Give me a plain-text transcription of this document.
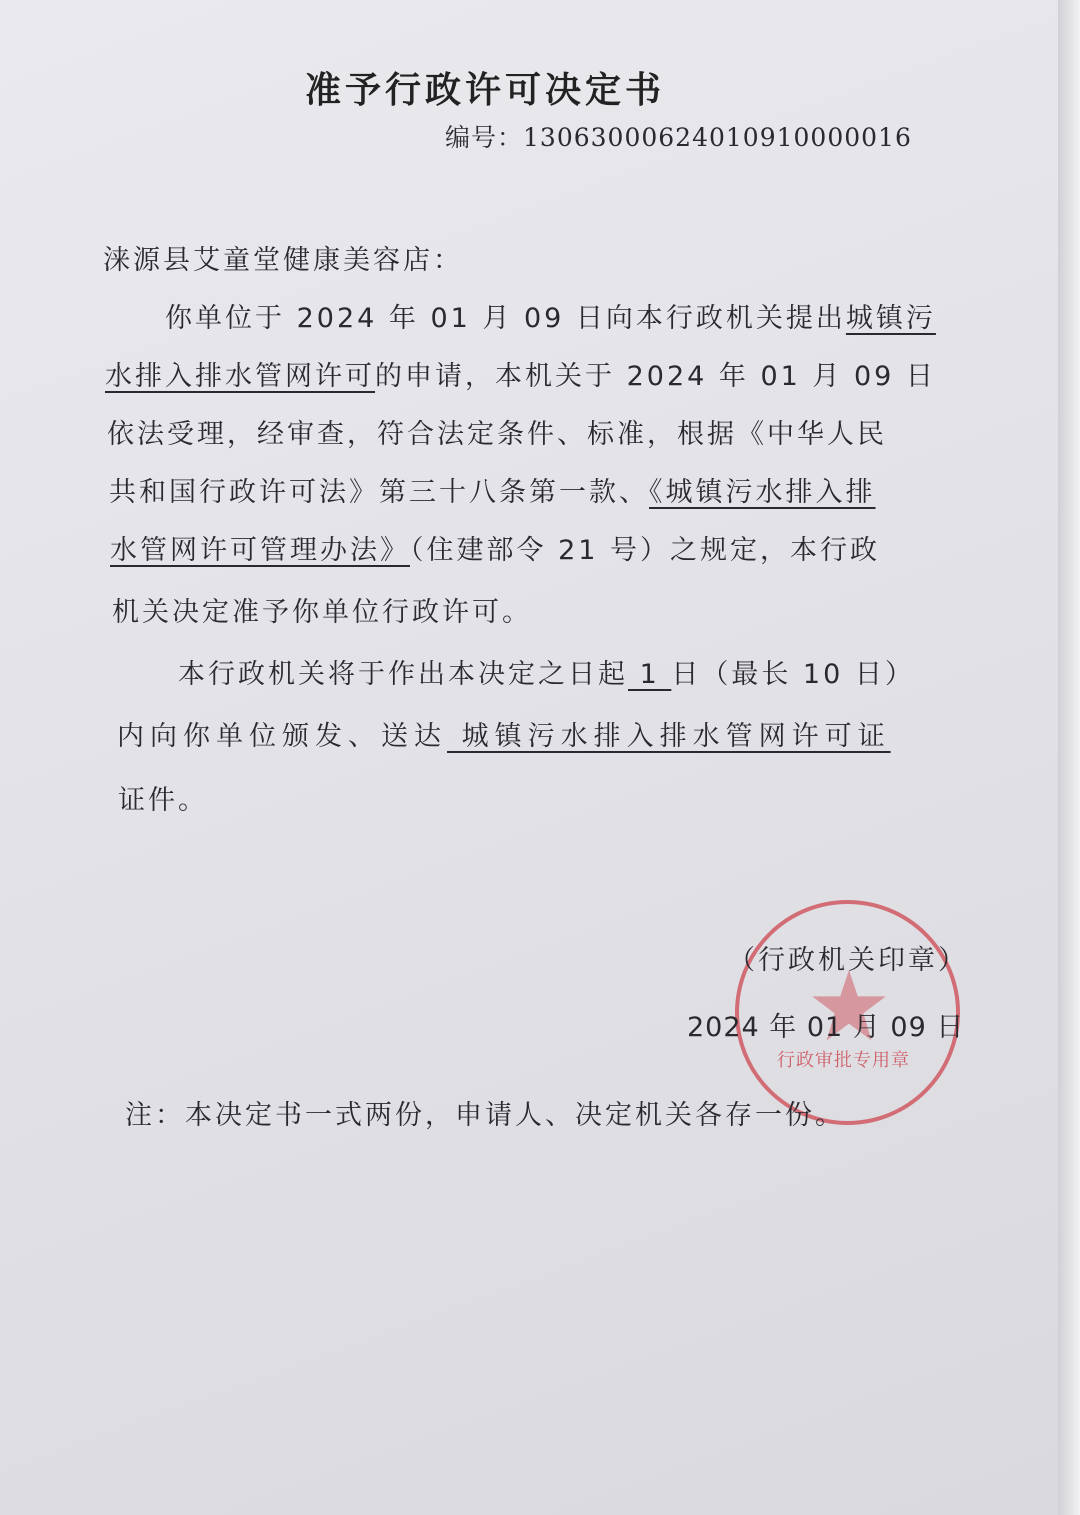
准予行政许可决定书
编号：13063000624010910000016
涞源县艾童堂健康美容店：
你单位于 2024 年 01 月 09 日向本行政机关提出城镇污
水排入排水管网许可的申请，本机关于 2024 年 01 月 09 日
依法受理，经审查，符合法定条件、标准，根据《中华人民
共和国行政许可法》第三十八条第一款、《城镇污水排入排
水管网许可管理办法》（住建部令 21 号）之规定，本行政
机关决定准予你单位行政许可。
本行政机关将于作出本决定之日起 1 日（最长 10 日）
内向你单位颁发、送达 城镇污水排入排水管网许可证
证件。
行政审批专用章
（行政机关印章）
2024 年 01 月 09 日
注：本决定书一式两份，申请人、决定机关各存一份。
